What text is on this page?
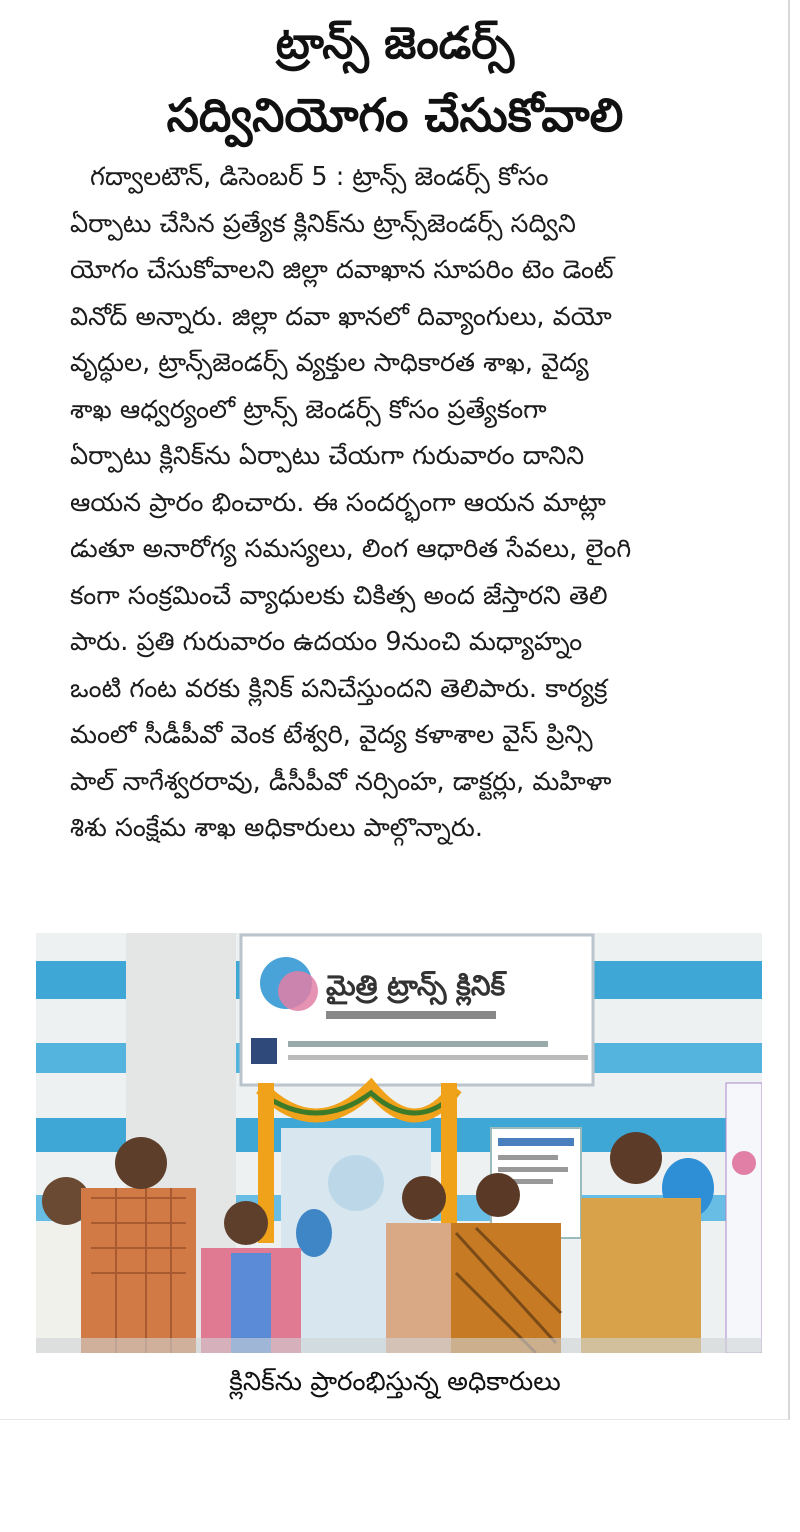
ట్రాన్స్ జెండర్స్
సద్వినియోగం చేసుకోవాలి
గద్వాలటౌన్, డిసెంబర్ 5 : ట్రాన్స్ జెండర్స్ కోసం
ఏర్పాటు చేసిన ప్రత్యేక క్లినిక్‌ను ట్రాన్స్‌జెండర్స్ సద్విని
యోగం చేసుకోవాలని జిల్లా దవాఖాన సూపరిం టెం డెంట్
వినోద్ అన్నారు. జిల్లా దవా ఖానలో దివ్యాంగులు, వయో
వృద్ధుల, ట్రాన్స్‌జెండర్స్ వ్యక్తుల సాధికారత శాఖ, వైద్య
శాఖ ఆధ్వర్యంలో ట్రాన్స్ జెండర్స్ కోసం ప్రత్యేకంగా
ఏర్పాటు క్లినిక్‌ను ఏర్పాటు చేయగా గురువారం దానిని
ఆయన ప్రారం భించారు. ఈ సందర్భంగా ఆయన మాట్లా
డుతూ అనారోగ్య సమస్యలు, లింగ ఆధారిత సేవలు, లైంగి
కంగా సంక్రమించే వ్యాధులకు చికిత్స అంద జేస్తారని తెలి
పారు. ప్రతి గురువారం ఉదయం 9నుంచి మధ్యాహ్నం
ఒంటి గంట వరకు క్లినిక్ పనిచేస్తుందని తెలిపారు. కార్యక్ర
మంలో సీడీపీవో వెంక టేశ్వరి, వైద్య కళాశాల వైస్ ప్రిన్సి
పాల్ నాగేశ్వరరావు, డీసీపీవో నర్సింహ, డాక్టర్లు, మహిళా
శిశు సంక్షేమ శాఖ అధికారులు పాల్గొన్నారు.
మైత్రి ట్రాన్స్ క్లినిక్
క్లినిక్‌ను ప్రారంభిస్తున్న అధికారులు
